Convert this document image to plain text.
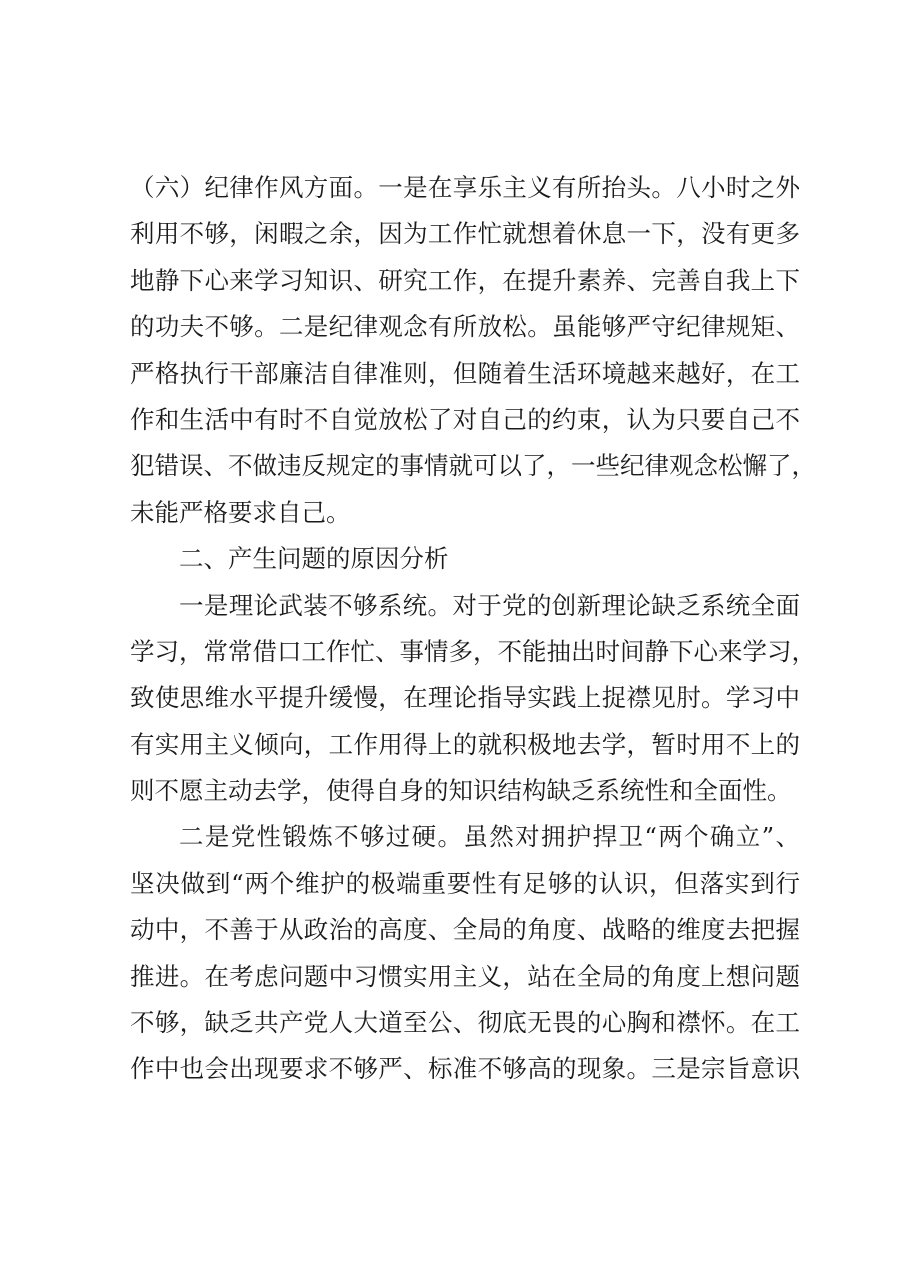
（六）纪律作风方面。一是在享乐主义有所抬头。八小时之外
利用不够，闲暇之余，因为工作忙就想着休息一下，没有更多
地静下心来学习知识、研究工作，在提升素养、完善自我上下
的功夫不够。二是纪律观念有所放松。虽能够严守纪律规矩、
严格执行干部廉洁自律准则，但随着生活环境越来越好，在工
作和生活中有时不自觉放松了对自己的约束，认为只要自己不
犯错误、不做违反规定的事情就可以了，一些纪律观念松懈了，
未能严格要求自己。
二、产生问题的原因分析
一是理论武装不够系统。对于党的创新理论缺乏系统全面
学习，常常借口工作忙、事情多，不能抽出时间静下心来学习，
致使思维水平提升缓慢，在理论指导实践上捉襟见肘。学习中
有实用主义倾向，工作用得上的就积极地去学，暂时用不上的
则不愿主动去学，使得自身的知识结构缺乏系统性和全面性。
二是党性锻炼不够过硬。虽然对拥护捍卫“两个确立”、
坚决做到“两个维护的极端重要性有足够的认识，但落实到行
动中，不善于从政治的高度、全局的角度、战略的维度去把握
推进。在考虑问题中习惯实用主义，站在全局的角度上想问题
不够，缺乏共产党人大道至公、彻底无畏的心胸和襟怀。在工
作中也会出现要求不够严、标准不够高的现象。三是宗旨意识
